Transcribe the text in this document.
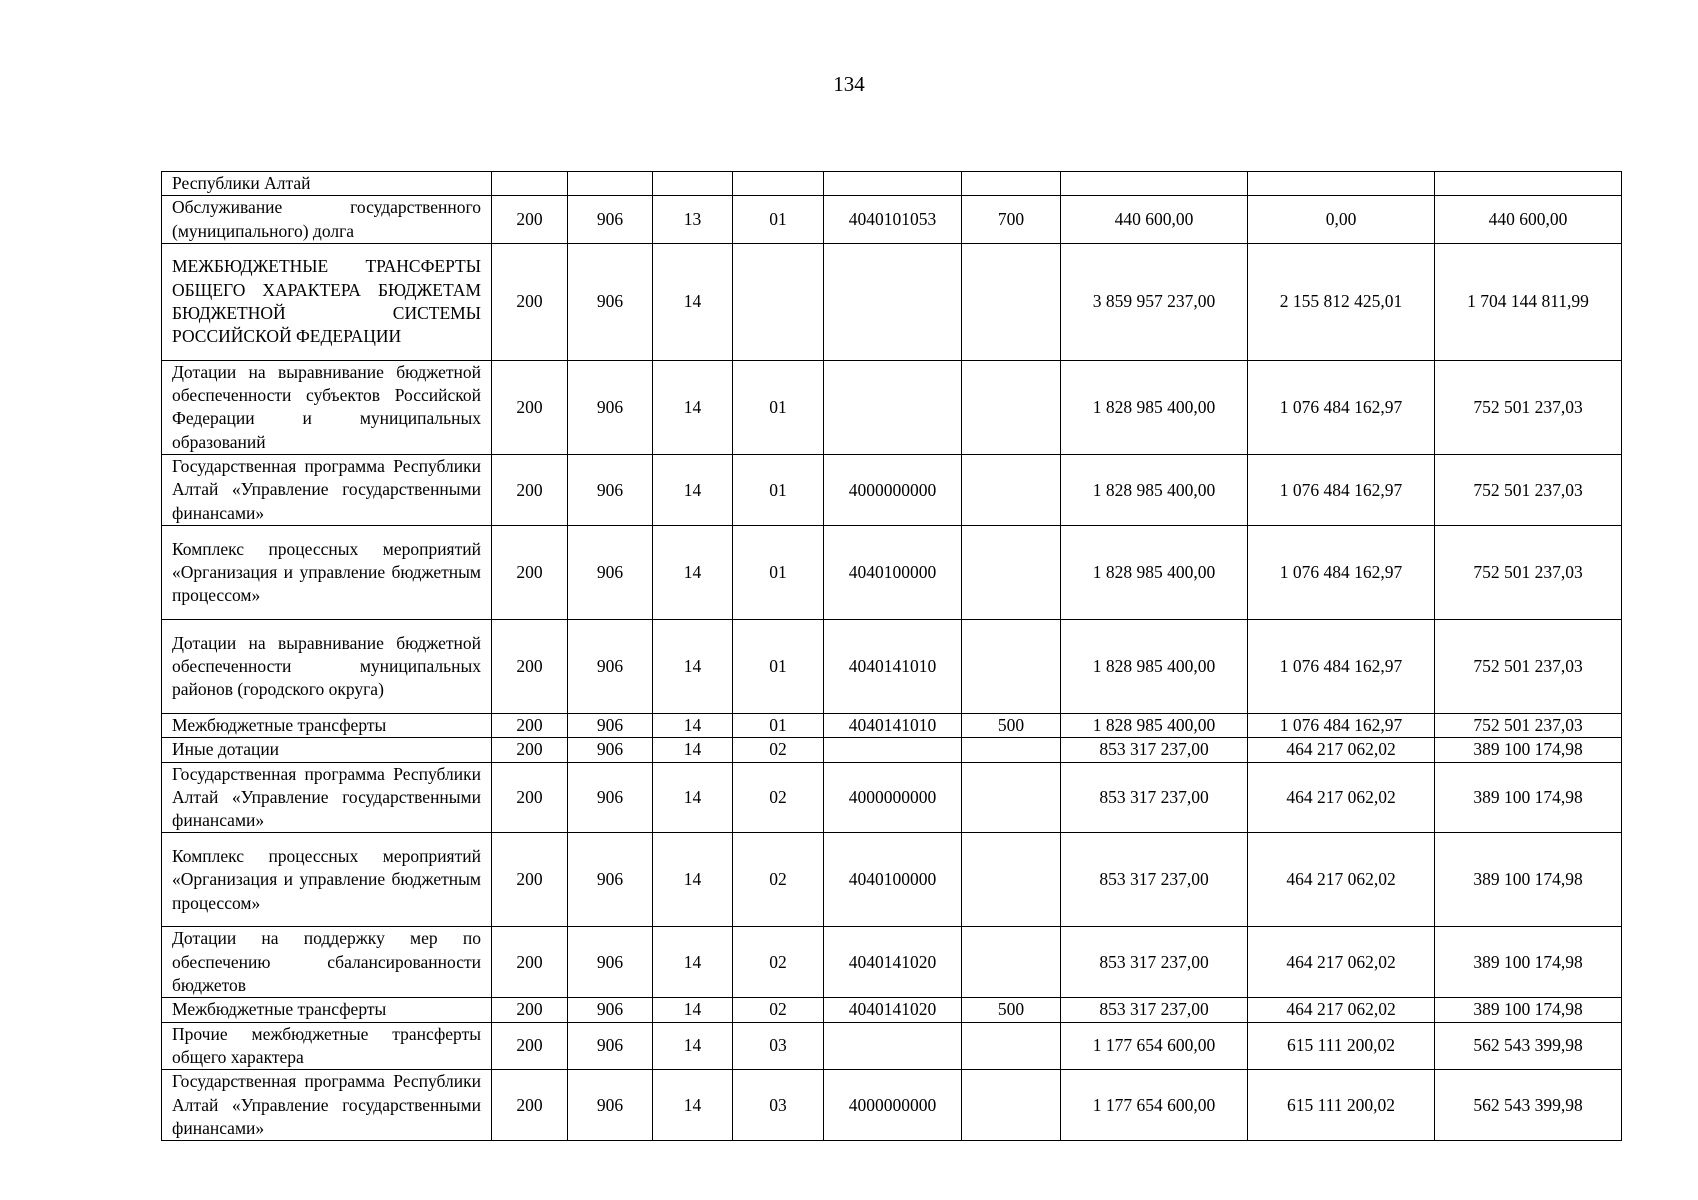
134
Республики Алтай									
Обслуживание государственного (муниципального) долга	200	906	13	01	4040101053	700	440 600,00	0,00	440 600,00
МЕЖБЮДЖЕТНЫЕ ТРАНСФЕРТЫ ОБЩЕГО ХАРАКТЕРА БЮДЖЕТАМ БЮДЖЕТНОЙ СИСТЕМЫ РОССИЙСКОЙ ФЕДЕРАЦИИ	200	906	14				3 859 957 237,00	2 155 812 425,01	1 704 144 811,99
Дотации на выравнивание бюджетной обеспеченности субъектов Российской Федерации и муниципальных образований	200	906	14	01			1 828 985 400,00	1 076 484 162,97	752 501 237,03
Государственная программа Республики Алтай «Управление государственными финансами»	200	906	14	01	4000000000		1 828 985 400,00	1 076 484 162,97	752 501 237,03
Комплекс процессных мероприятий «Организация и управление бюджетным процессом»	200	906	14	01	4040100000		1 828 985 400,00	1 076 484 162,97	752 501 237,03
Дотации на выравнивание бюджетной обеспеченности муниципальных районов (городского округа)	200	906	14	01	4040141010		1 828 985 400,00	1 076 484 162,97	752 501 237,03
Межбюджетные трансферты	200	906	14	01	4040141010	500	1 828 985 400,00	1 076 484 162,97	752 501 237,03
Иные дотации	200	906	14	02			853 317 237,00	464 217 062,02	389 100 174,98
Государственная программа Республики Алтай «Управление государственными финансами»	200	906	14	02	4000000000		853 317 237,00	464 217 062,02	389 100 174,98
Комплекс процессных мероприятий «Организация и управление бюджетным процессом»	200	906	14	02	4040100000		853 317 237,00	464 217 062,02	389 100 174,98
Дотации на поддержку мер по обеспечению сбалансированности бюджетов	200	906	14	02	4040141020		853 317 237,00	464 217 062,02	389 100 174,98
Межбюджетные трансферты	200	906	14	02	4040141020	500	853 317 237,00	464 217 062,02	389 100 174,98
Прочие межбюджетные трансферты общего характера	200	906	14	03			1 177 654 600,00	615 111 200,02	562 543 399,98
Государственная программа Республики Алтай «Управление государственными финансами»	200	906	14	03	4000000000		1 177 654 600,00	615 111 200,02	562 543 399,98
